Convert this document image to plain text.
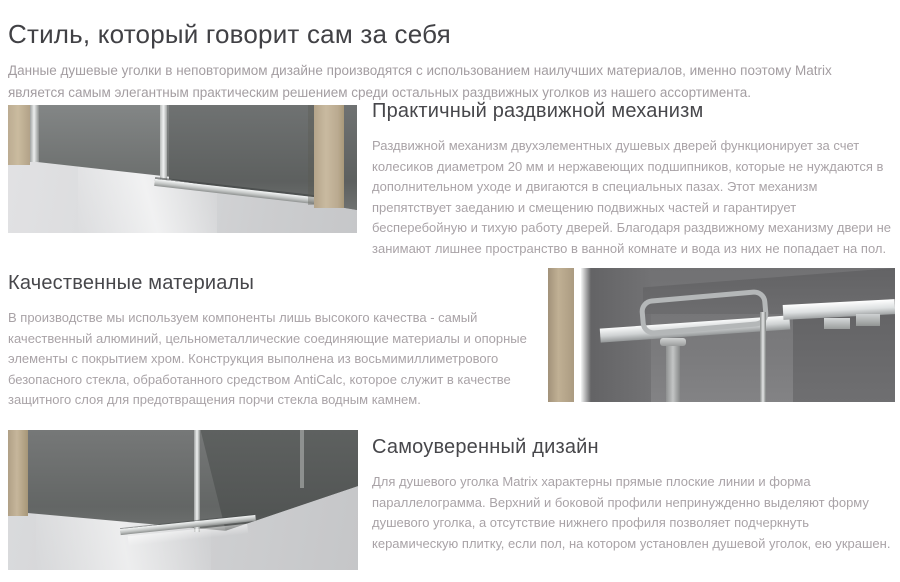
Стиль, который говорит сам за себя

Данные душевые уголки в неповторимом дизайне производятся с использованием наилучших материалов, именно поэтому Matrix является самым элегантным практическим решением среди остальных раздвижных уголков из нашего ассортимента.

Практичный раздвижной механизм

Раздвижной механизм двухэлементных душевых дверей функционирует за счет колесиков диаметром 20 мм и нержавеющих подшипников, которые не нуждаются в дополнительном уходе и двигаются в специальных пазах. Этот механизм препятствует заеданию и смещению подвижных частей и гарантирует бесперебойную и тихую работу дверей. Благодаря раздвижному механизму двери не занимают лишнее пространство в ванной комнате и вода из них не попадает на пол.

Качественные материалы

В производстве мы используем компоненты лишь высокого качества - самый качественный алюминий, цельнометаллические соединяющие материалы и опорные элементы с покрытием хром. Конструкция выполнена из восьмимиллиметрового безопасного стекла, обработанного средством AntiCalc, которое служит в качестве защитного слоя для предотвращения порчи стекла водным камнем.

Самоуверенный дизайн

Для душевого уголка Matrix характерны прямые плоские линии и форма параллелограмма. Верхний и боковой профили непринужденно выделяют форму душевого уголка, а отсутствие нижнего профиля позволяет подчеркнуть керамическую плитку, если пол, на котором установлен душевой уголок, ею украшен.
